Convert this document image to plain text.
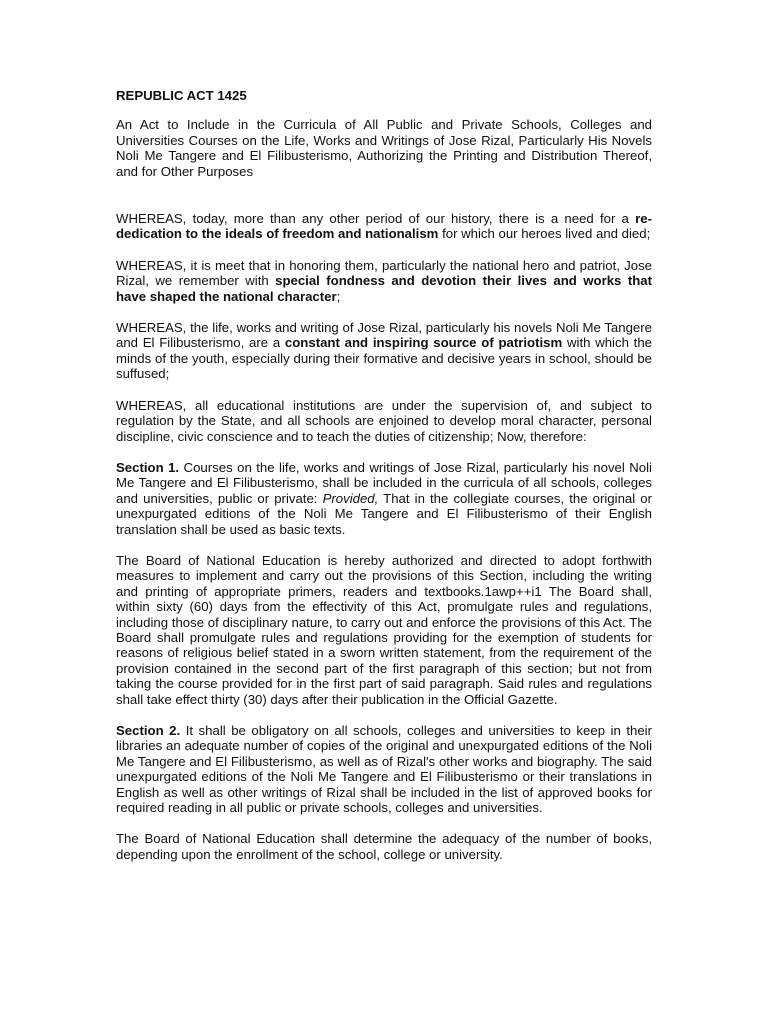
REPUBLIC ACT 1425

An Act to Include in the Curricula of All Public and Private Schools, Colleges and Universities Courses on the Life, Works and Writings of Jose Rizal, Particularly His Novels Noli Me Tangere and El Filibusterismo, Authorizing the Printing and Distribution Thereof, and for Other Purposes

WHEREAS, today, more than any other period of our history, there is a need for a re-dedication to the ideals of freedom and nationalism for which our heroes lived and died;

WHEREAS, it is meet that in honoring them, particularly the national hero and patriot, Jose Rizal, we remember with special fondness and devotion their lives and works that have shaped the national character;

WHEREAS, the life, works and writing of Jose Rizal, particularly his novels Noli Me Tangere and El Filibusterismo, are a constant and inspiring source of patriotism with which the minds of the youth, especially during their formative and decisive years in school, should be suffused;

WHEREAS, all educational institutions are under the supervision of, and subject to regulation by the State, and all schools are enjoined to develop moral character, personal discipline, civic conscience and to teach the duties of citizenship; Now, therefore:

Section 1. Courses on the life, works and writings of Jose Rizal, particularly his novel Noli Me Tangere and El Filibusterismo, shall be included in the curricula of all schools, colleges and universities, public or private: Provided, That in the collegiate courses, the original or unexpurgated editions of the Noli Me Tangere and El Filibusterismo of their English translation shall be used as basic texts.

The Board of National Education is hereby authorized and directed to adopt forthwith measures to implement and carry out the provisions of this Section, including the writing and printing of appropriate primers, readers and textbooks.1awp++i1 The Board shall, within sixty (60) days from the effectivity of this Act, promulgate rules and regulations, including those of disciplinary nature, to carry out and enforce the provisions of this Act. The Board shall promulgate rules and regulations providing for the exemption of students for reasons of religious belief stated in a sworn written statement, from the requirement of the provision contained in the second part of the first paragraph of this section; but not from taking the course provided for in the first part of said paragraph. Said rules and regulations shall take effect thirty (30) days after their publication in the Official Gazette.

Section 2. It shall be obligatory on all schools, colleges and universities to keep in their libraries an adequate number of copies of the original and unexpurgated editions of the Noli Me Tangere and El Filibusterismo, as well as of Rizal's other works and biography. The said unexpurgated editions of the Noli Me Tangere and El Filibusterismo or their translations in English as well as other writings of Rizal shall be included in the list of approved books for required reading in all public or private schools, colleges and universities.

The Board of National Education shall determine the adequacy of the number of books, depending upon the enrollment of the school, college or university.
